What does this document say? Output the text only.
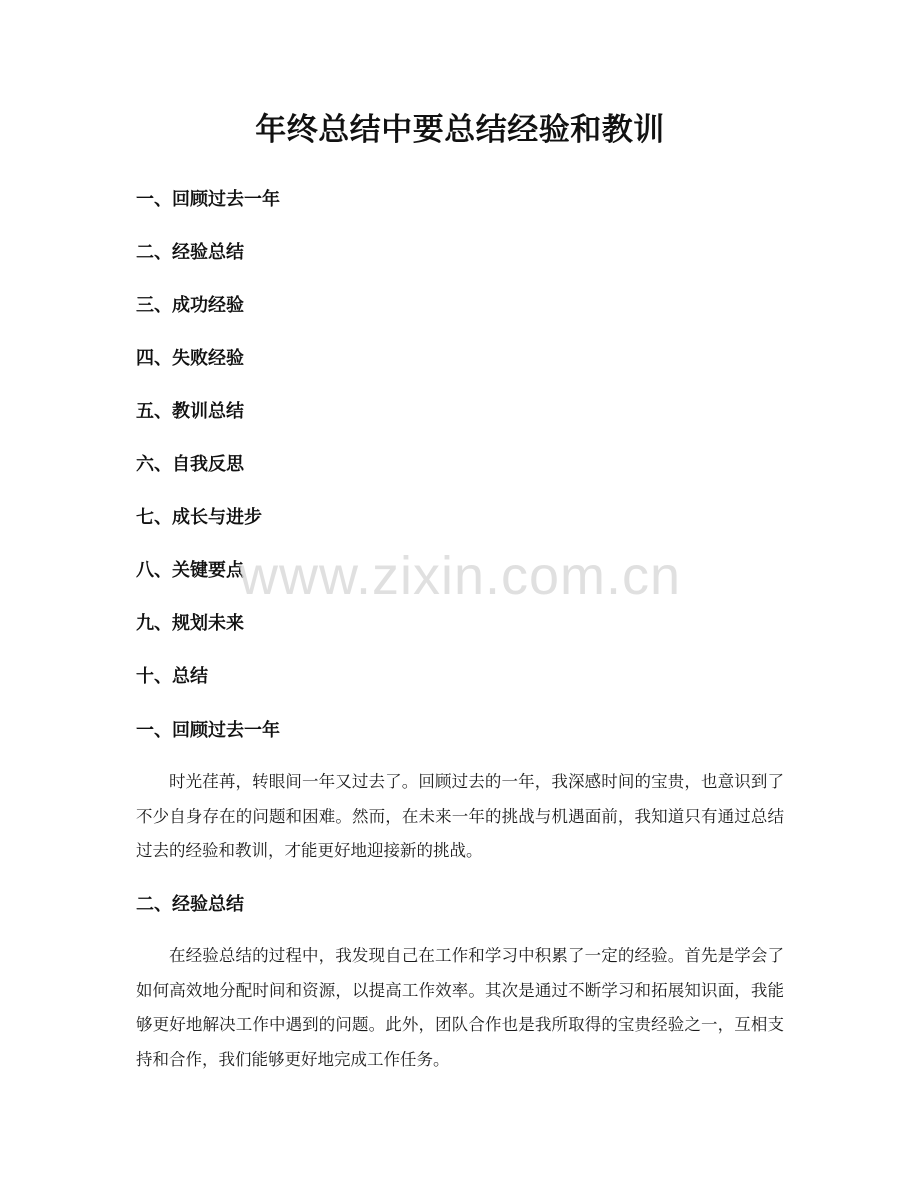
年终总结中要总结经验和教训
一、回顾过去一年
二、经验总结
三、成功经验
四、失败经验
五、教训总结
六、自我反思
七、成长与进步
八、关键要点
九、规划未来
十、总结
一、回顾过去一年

时光荏苒，转眼间一年又过去了。回顾过去的一年，我深感时间的宝贵，也意识到了不少自身存在的问题和困难。然而，在未来一年的挑战与机遇面前，我知道只有通过总结过去的经验和教训，才能更好地迎接新的挑战。

二、经验总结

在经验总结的过程中，我发现自己在工作和学习中积累了一定的经验。首先是学会了如何高效地分配时间和资源，以提高工作效率。其次是通过不断学习和拓展知识面，我能够更好地解决工作中遇到的问题。此外，团队合作也是我所取得的宝贵经验之一，互相支持和合作，我们能够更好地完成工作任务。

www.zixin.com.cn
